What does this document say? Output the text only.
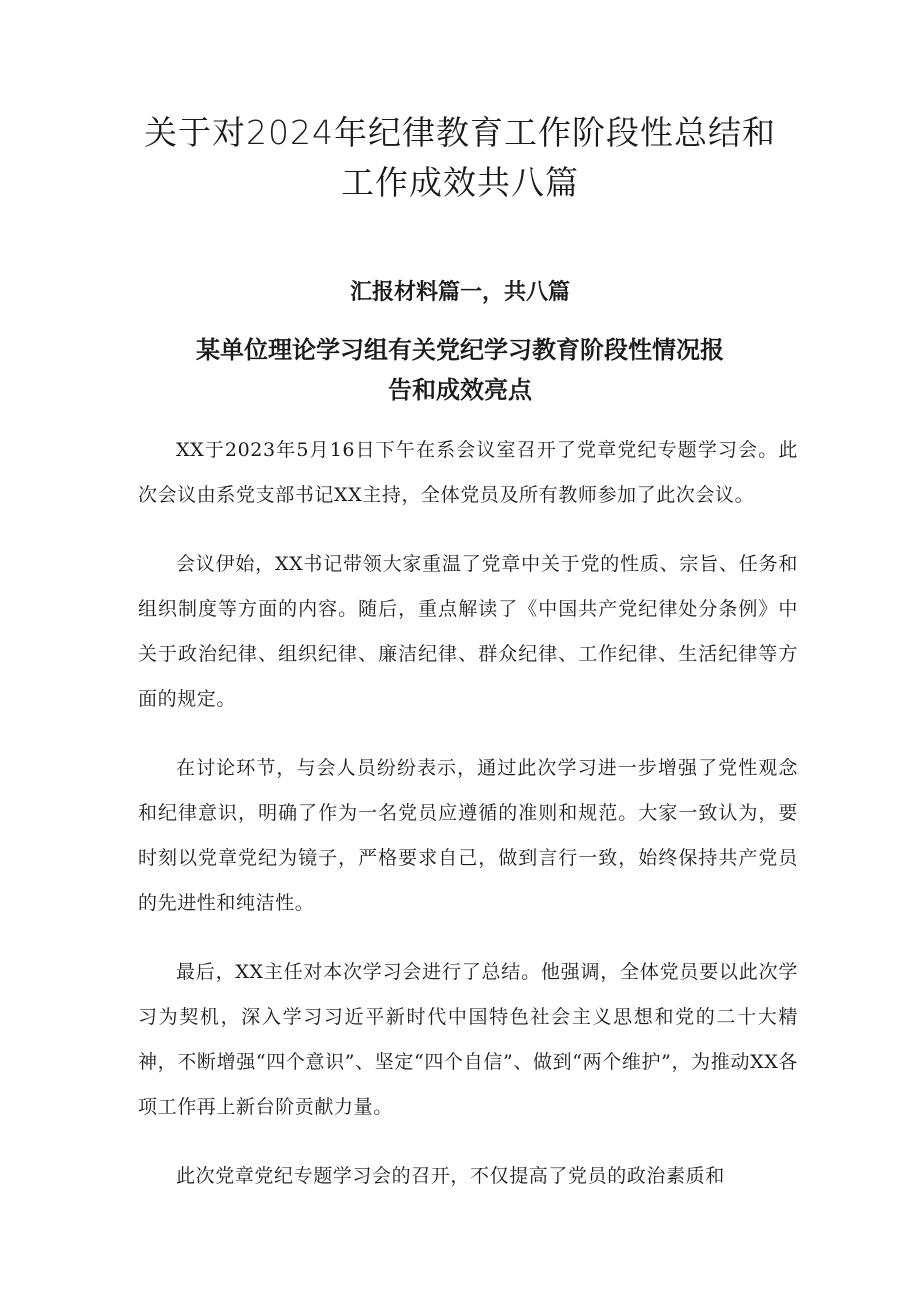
关于对2024年纪律教育工作阶段性总结和
工作成效共八篇
汇报材料篇一，共八篇
某单位理论学习组有关党纪学习教育阶段性情况报
告和成效亮点

XX于2023年5月16日下午在系会议室召开了党章党纪专题学习会。此次会议由系党支部书记XX主持，全体党员及所有教师参加了此次会议。

会议伊始，XX书记带领大家重温了党章中关于党的性质、宗旨、任务和组织制度等方面的内容。随后，重点解读了《中国共产党纪律处分条例》中关于政治纪律、组织纪律、廉洁纪律、群众纪律、工作纪律、生活纪律等方面的规定。

在讨论环节，与会人员纷纷表示，通过此次学习进一步增强了党性观念和纪律意识，明确了作为一名党员应遵循的准则和规范。大家一致认为，要时刻以党章党纪为镜子，严格要求自己，做到言行一致，始终保持共产党员的先进性和纯洁性。

最后，XX主任对本次学习会进行了总结。他强调，全体党员要以此次学习为契机，深入学习习近平新时代中国特色社会主义思想和党的二十大精神，不断增强“四个意识”、坚定“四个自信”、做到“两个维护”，为推动XX各项工作再上新台阶贡献力量。

此次党章党纪专题学习会的召开，不仅提高了党员的政治素质和
